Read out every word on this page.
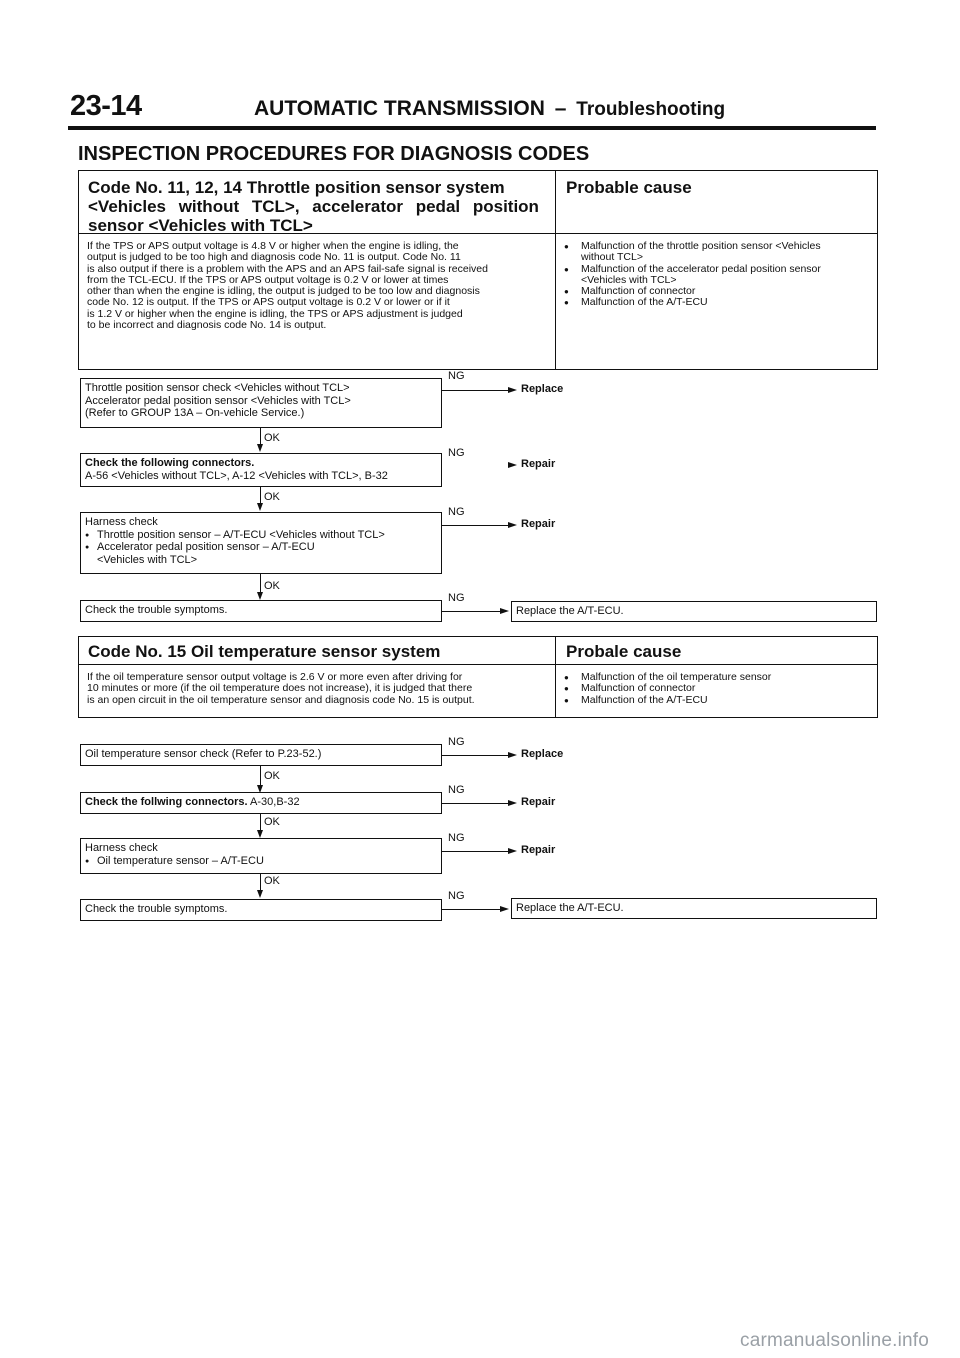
23-14	AUTOMATIC TRANSMISSION – Troubleshooting
INSPECTION PROCEDURES FOR DIAGNOSIS CODES
Code No. 11, 12, 14 Throttle position sensor system
<Vehicles without TCL>, accelerator pedal position
sensor <Vehicles with TCL>
Probable cause
If the TPS or APS output voltage is 4.8 V or higher when the engine is idling, the
output is judged to be too high and diagnosis code No. 11 is output. Code No. 11
is also output if there is a problem with the APS and an APS fail-safe signal is received
from the TCL-ECU. If the TPS or APS output voltage is 0.2 V or lower at times
other than when the engine is idling, the output is judged to be too low and diagnosis
code No. 12 is output. If the TPS or APS output voltage is 0.2 V or lower or if it
is 1.2 V or higher when the engine is idling, the TPS or APS adjustment is judged
to be incorrect and diagnosis code No. 14 is output.
● Malfunction of the throttle position sensor <Vehicles
without TCL>
● Malfunction of the accelerator pedal position sensor
<Vehicles with TCL>
● Malfunction of connector
● Malfunction of the A/T-ECU
Throttle position sensor check <Vehicles without TCL>
Accelerator pedal position sensor <Vehicles with TCL>
(Refer to GROUP 13A – On-vehicle Service.)
NG
Replace
OK
Check the following connectors.
A-56 <Vehicles without TCL>, A-12 <Vehicles with TCL>, B-32
NG
Repair
OK
Harness check
● Throttle position sensor – A/T-ECU <Vehicles without TCL>
● Accelerator pedal position sensor – A/T-ECU
<Vehicles with TCL>
NG
Repair
OK
Check the trouble symptoms.
NG
Replace the A/T-ECU.
Code No. 15 Oil temperature sensor system	Probale cause
If the oil temperature sensor output voltage is 2.6 V or more even after driving for
10 minutes or more (if the oil temperature does not increase), it is judged that there
is an open circuit in the oil temperature sensor and diagnosis code No. 15 is output.
● Malfunction of the oil temperature sensor
● Malfunction of connector
● Malfunction of the A/T-ECU
Oil temperature sensor check (Refer to P.23-52.)
NG
Replace
OK
Check the follwing connectors. A-30,B-32
NG
Repair
OK
Harness check
● Oil temperature sensor – A/T-ECU
NG
Repair
OK
Check the trouble symptoms.
NG
Replace the A/T-ECU.
carmanualsonline.info
